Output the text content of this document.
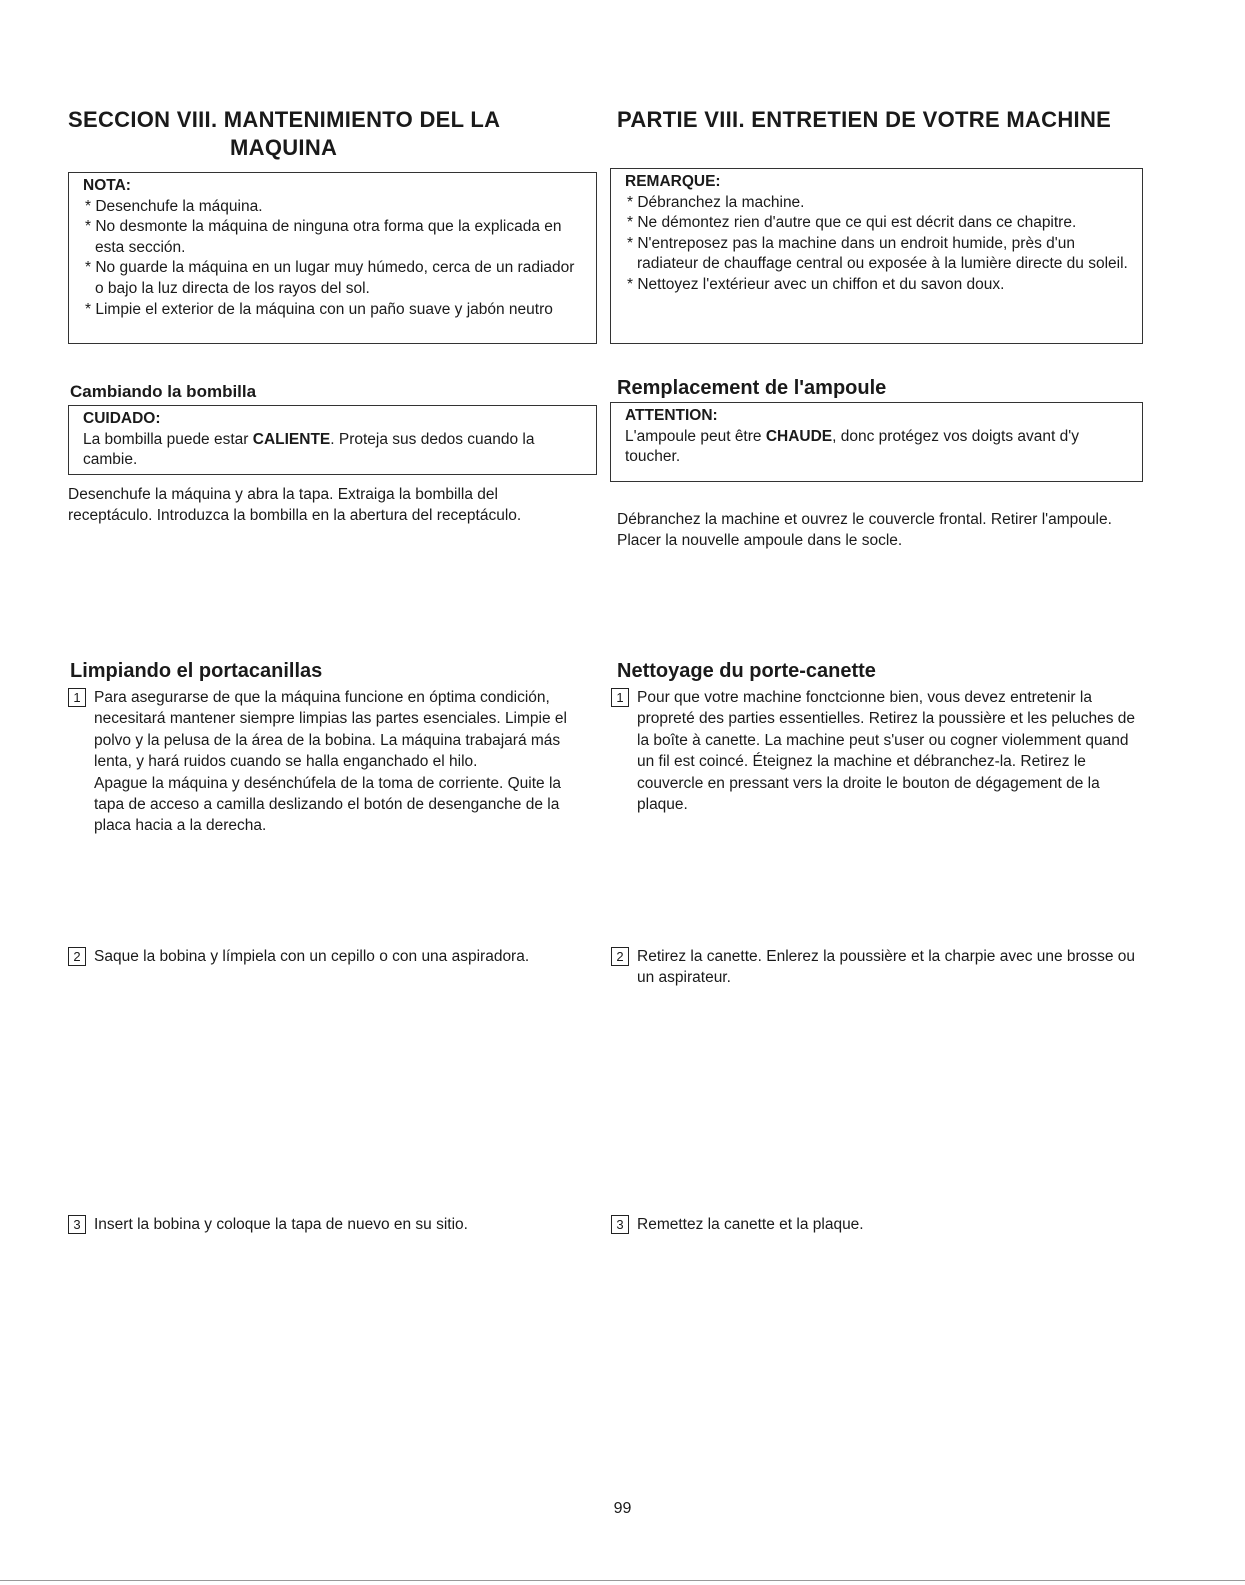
SECCION VIII. MANTENIMIENTO DEL LA
MAQUINA
PARTIE VIII. ENTRETIEN DE VOTRE MACHINE
NOTA:
* Desenchufe la máquina.
* No desmonte la máquina de ninguna otra forma que la explicada en esta sección.
* No guarde la máquina en un lugar muy húmedo, cerca de un radiador o bajo la luz directa de los rayos del sol.
* Limpie el exterior de la máquina con un paño suave y jabón neutro
REMARQUE:
* Débranchez la machine.
* Ne démontez rien d'autre que ce qui est décrit dans ce chapitre.
* N'entreposez pas la machine dans un endroit humide, près d'un radiateur de chauffage central ou exposée à la lumière directe du soleil.
* Nettoyez l'extérieur avec un chiffon et du savon doux.
Cambiando la bombilla	Remplacement de l'ampoule
CUIDADO:
La bombilla puede estar CALIENTE. Proteja sus dedos cuando la cambie.
ATTENTION:
L'ampoule peut être CHAUDE, donc protégez vos doigts avant d'y toucher.

Desenchufe la máquina y abra la tapa. Extraiga la bombilla del receptáculo. Introduzca la bombilla en la abertura del receptáculo.	Débranchez la machine et ouvrez le couvercle frontal. Retirer l'ampoule. Placer la nouvelle ampoule dans le socle.

Limpiando el portacanillas	Nettoyage du porte-canette
1 Para asegurarse de que la máquina funcione en óptima condición, necesitará mantener siempre limpias las partes esenciales. Limpie el polvo y la pelusa de la área de la bobina. La máquina trabajará más lenta, y hará ruidos cuando se halla enganchado el hilo.
Apague la máquina y desénchúfela de la toma de corriente. Quite la tapa de acceso a camilla deslizando el botón de desenganche de la placa hacia a la derecha.
1 Pour que votre machine fonctcionne bien, vous devez entretenir la propreté des parties essentielles. Retirez la poussière et les peluches de la boîte à canette. La machine peut s'user ou cogner violemment quand un fil est coincé. Éteignez la machine et débranchez-la. Retirez le couvercle en pressant vers la droite le bouton de dégagement de la plaque.
2 Saque la bobina y límpiela con un cepillo o con una aspiradora.	2 Retirez la canette. Enlerez la poussière et la charpie avec une brosse ou un aspirateur.
3 Insert la bobina y coloque la tapa de nuevo en su sitio.	3 Remettez la canette et la plaque.
99
